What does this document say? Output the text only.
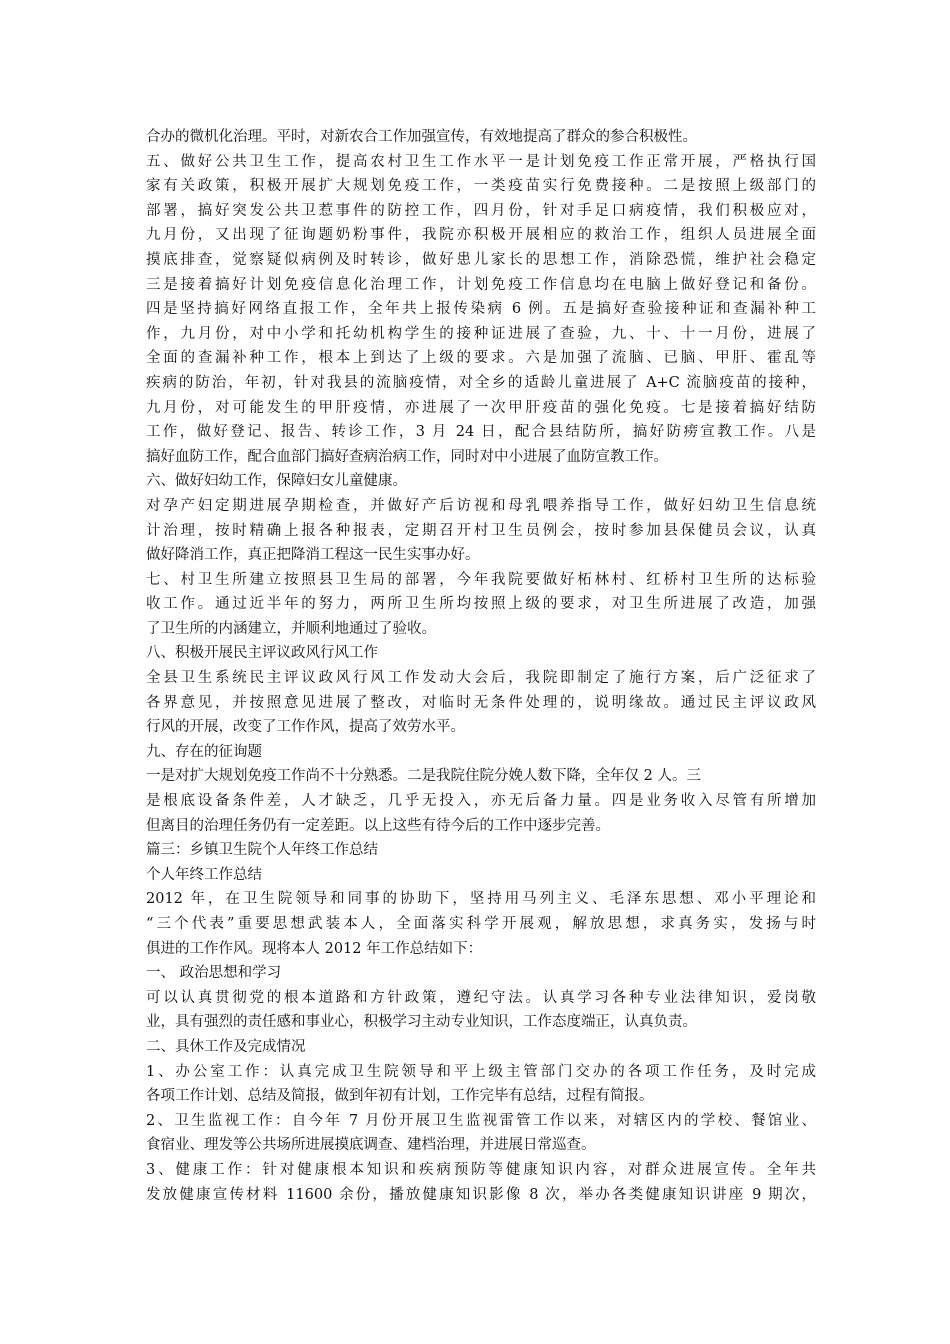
合办的微机化治理。平时，对新农合工作加强宣传，有效地提高了群众的参合积极性。
五、做好公共卫生工作，提高农村卫生工作水平一是计划免疫工作正常开展，严格执行国
家有关政策，积极开展扩大规划免疫工作，一类疫苗实行免费接种。二是按照上级部门的
部署，搞好突发公共卫惹事件的防控工作，四月份，针对手足口病疫情，我们积极应对，
九月份，又出现了征询题奶粉事件，我院亦积极开展相应的救治工作，组织人员进展全面
摸底排查，觉察疑似病例及时转诊，做好患儿家长的思想工作，消除恐慌，维护社会稳定
三是接着搞好计划免疫信息化治理工作，计划免疫工作信息均在电脑上做好登记和备份。
四是坚持搞好网络直报工作，全年共上报传染病 6 例。五是搞好查验接种证和查漏补种工
作，九月份，对中小学和托幼机构学生的接种证进展了查验，九、十、十一月份，进展了
全面的查漏补种工作，根本上到达了上级的要求。六是加强了流脑、已脑、甲肝、霍乱等
疾病的防治，年初，针对我县的流脑疫情，对全乡的适龄儿童进展了 A+C 流脑疫苗的接种，
九月份，对可能发生的甲肝疫情，亦进展了一次甲肝疫苗的强化免疫。七是接着搞好结防
工作，做好登记、报告、转诊工作，3 月 24 日，配合县结防所，搞好防痨宣教工作。八是
搞好血防工作，配合血部门搞好查病治病工作，同时对中小进展了血防宣教工作。
六、做好妇幼工作，保障妇女儿童健康。
对孕产妇定期进展孕期检查，并做好产后访视和母乳喂养指导工作，做好妇幼卫生信息统
计治理，按时精确上报各种报表，定期召开村卫生员例会，按时参加县保健员会议，认真
做好降消工作，真正把降消工程这一民生实事办好。
七、村卫生所建立按照县卫生局的部署，今年我院要做好柘林村、红桥村卫生所的达标验
收工作。通过近半年的努力，两所卫生所均按照上级的要求，对卫生所进展了改造，加强
了卫生所的内涵建立，并顺利地通过了验收。
八、积极开展民主评议政风行风工作
全县卫生系统民主评议政风行风工作发动大会后，我院即制定了施行方案，后广泛征求了
各界意见，并按照意见进展了整改，对临时无条件处理的，说明缘故。通过民主评议政风
行风的开展，改变了工作作风，提高了效劳水平。
九、存在的征询题
一是对扩大规划免疫工作尚不十分熟悉。二是我院住院分娩人数下降，全年仅 2 人。三
是根底设备条件差，人才缺乏，几乎无投入，亦无后备力量。四是业务收入尽管有所增加
但离目的治理任务仍有一定差距。以上这些有待今后的工作中逐步完善。
篇三：乡镇卫生院个人年终工作总结
个人年终工作总结
2012 年，在卫生院领导和同事的协助下，坚持用马列主义、毛泽东思想、邓小平理论和
“三个代表”重要思想武装本人，全面落实科学开展观，解放思想，求真务实，发扬与时
俱进的工作作风。现将本人 2012 年工作总结如下：
一、 政治思想和学习
可以认真贯彻党的根本道路和方针政策，遵纪守法。认真学习各种专业法律知识，爱岗敬
业，具有强烈的责任感和事业心，积极学习主动专业知识，工作态度端正，认真负责。
二、具休工作及完成情况
1、办公室工作：认真完成卫生院领导和平上级主管部门交办的各项工作任务，及时完成
各项工作计划、总结及简报，做到年初有计划，工作完毕有总结，过程有简报。
2、卫生监视工作：自今年 7 月份开展卫生监视雷管工作以来，对辖区内的学校、餐馆业、
食宿业、理发等公共场所进展摸底调查、建档治理，并进展日常巡查。
3、健康工作：针对健康根本知识和疾病预防等健康知识内容，对群众进展宣传。全年共
发放健康宣传材料 11600 余份，播放健康知识影像 8 次，举办各类健康知识讲座 9 期次，
